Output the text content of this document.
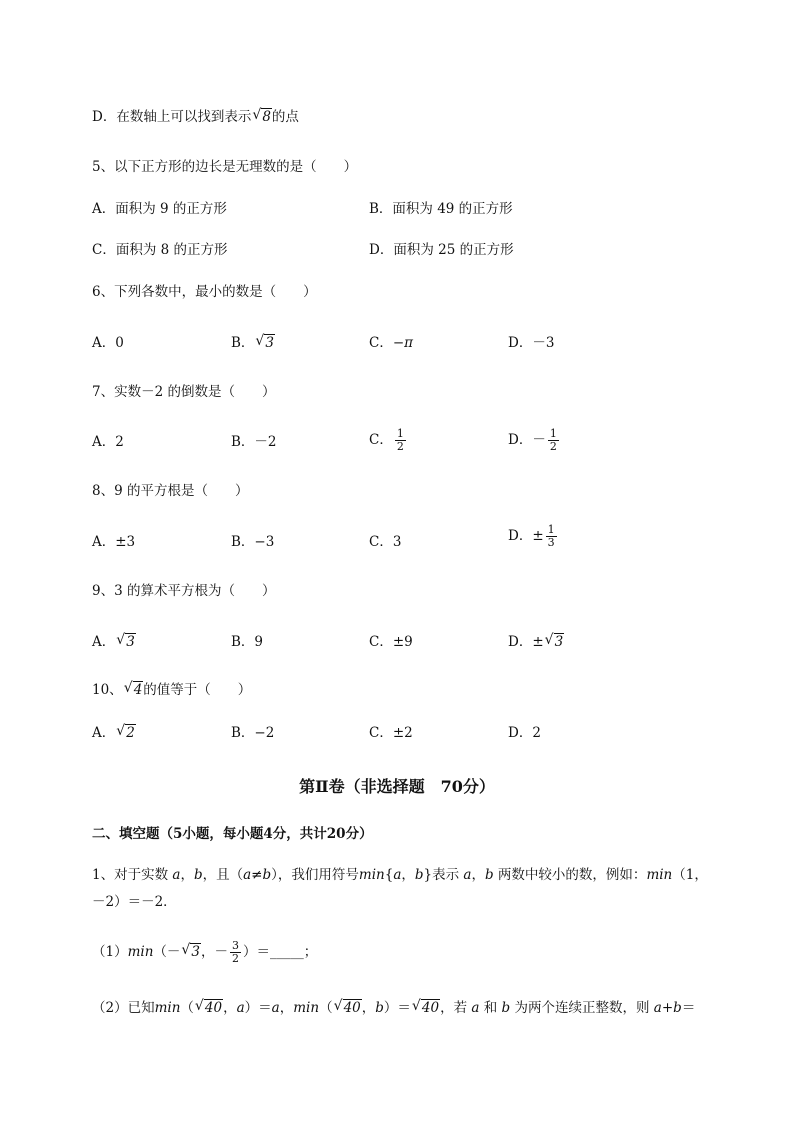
D．在数轴上可以找到表示 √ 8的点
5、以下正方形的边长是无理数的是（　　）
A．面积为 9 的正方形	B．面积为 49 的正方形
C．面积为 8 的正方形	D．面积为 25 的正方形
6、下列各数中，最小的数是（　　）
A．0	B． √ 3	C．−π	D．－3
7、实数－2 的倒数是（　　）
A．2	B．－2	C． $\frac{1}{2}$	D．－ $\frac{1}{2}$
8、9 的平方根是（　　）
A．±3	B．−3	C．3	D．± $\frac{1}{3}$
9、3 的算术平方根为（　　）
A． √ 3	B．9	C．±9	D．± √ 3
10、 √ 4的值等于（　　）
A． √ 2	B．−2	C．±2	D．2
第Ⅱ卷（非选择题　70分）
二、填空题（5小题，每小题4分，共计20分）
1、对于实数 a，b，且（a≠b），我们用符号min{a，b}表示 a，b 两数中较小的数，例如：min（1，
－2）＝－2．
（1）min（－ √ 3，－ $\frac{3}{2}$ ）＝_____；
（2）已知min（ √ 40，a）＝a，min（ √ 40，b）＝ √ 40，若 a 和 b 为两个连续正整数，则 a+b＝
